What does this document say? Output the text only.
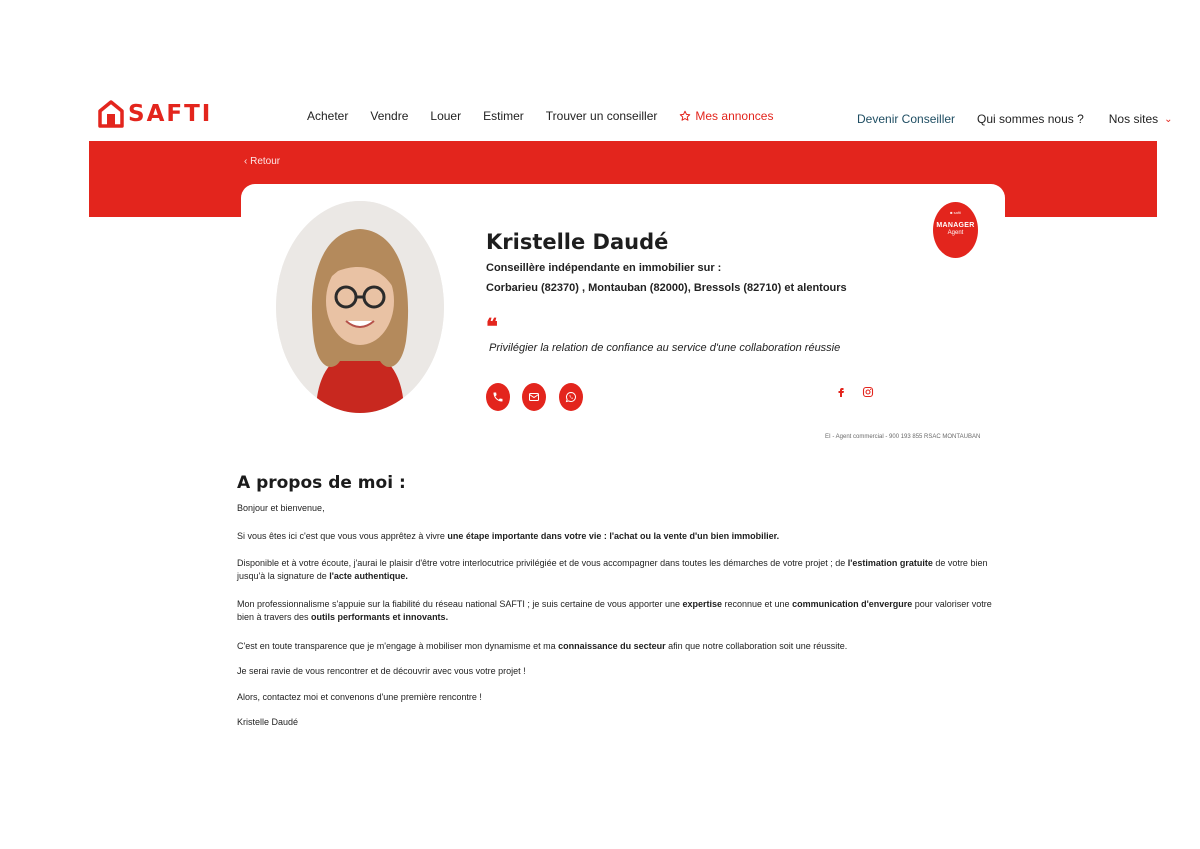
SAFTI	Acheter Vendre Louer Estimer Trouver un conseiller	Mes annonces	Devenir Conseiller Qui sommes nous ? Nos sites ⌄
‹ Retour
Kristelle Daudé
Conseillère indépendante en immobilier sur :
Corbarieu (82370) , Montauban (82000), Bressols (82710) et alentours
❝
Privilégier la relation de confiance au service d'une collaboration réussie
■ safti
MANAGER
Agent
EI - Agent commercial - 900 193 855 RSAC MONTAUBAN
A propos de moi :
Bonjour et bienvenue,
Si vous êtes ici c'est que vous vous apprêtez à vivre une étape importante dans votre vie : l'achat ou la vente d'un bien immobilier.
Disponible et à votre écoute, j'aurai le plaisir d'être votre interlocutrice privilégiée et de vous accompagner dans toutes les démarches de votre projet ; de l'estimation gratuite de votre bien jusqu'à la signature de l'acte authentique.
Mon professionnalisme s'appuie sur la fiabilité du réseau national SAFTI ; je suis certaine de vous apporter une expertise reconnue et une communication d'envergure pour valoriser votre bien à travers des outils performants et innovants.
C'est en toute transparence que je m'engage à mobiliser mon dynamisme et ma connaissance du secteur afin que notre collaboration soit une réussite.
Je serai ravie de vous rencontrer et de découvrir avec vous votre projet !
Alors, contactez moi et convenons d'une première rencontre !
Kristelle Daudé
